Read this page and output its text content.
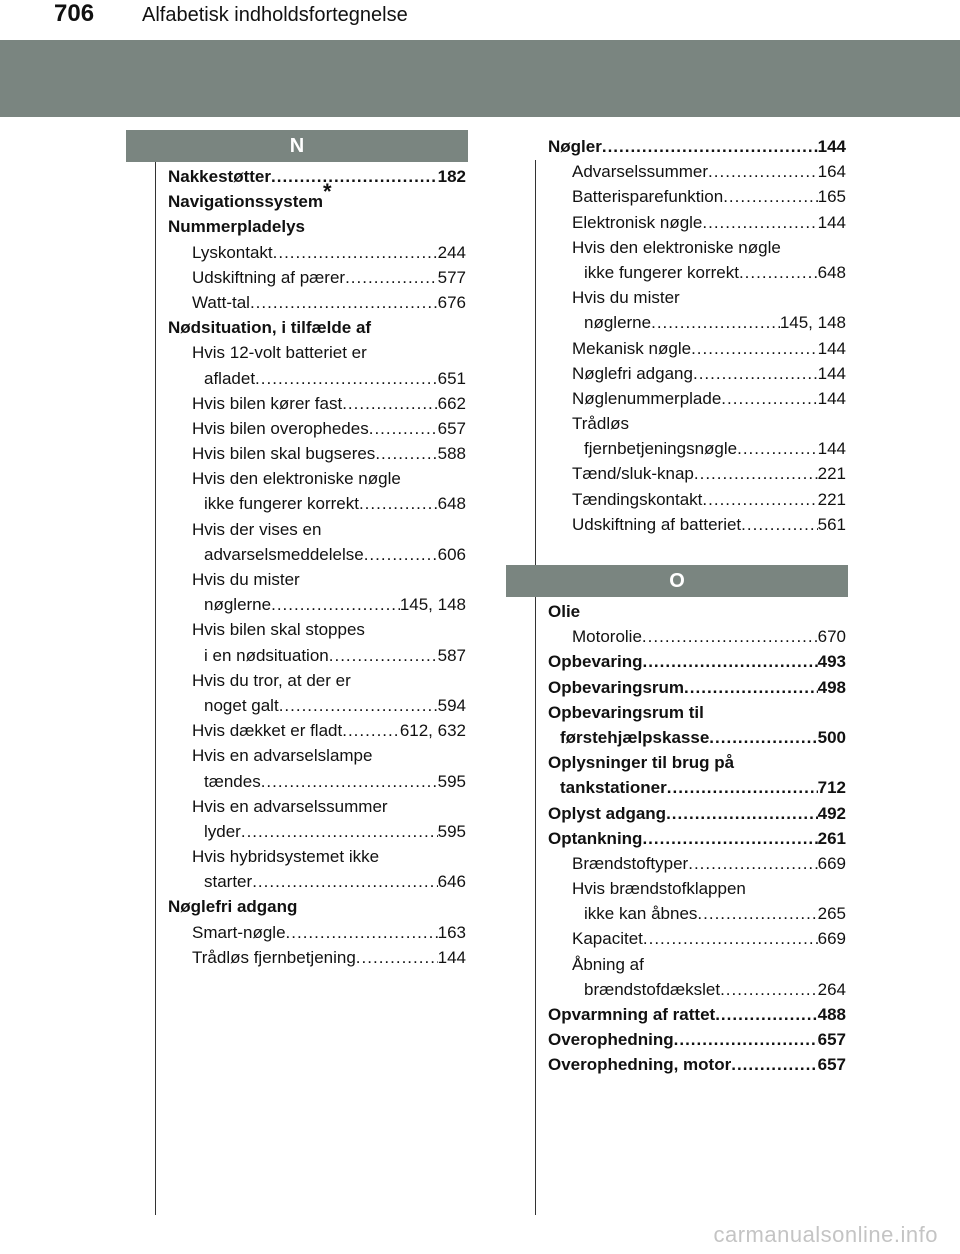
706 Alfabetisk indholdsfortegnelse
N
O
Nakkestøtter .....	182
Navigationssystem*
Nummerpladelys
Lyskontakt .....	244
Udskiftning af pærer .....	577
Watt-tal .....	676
Nødsituation, i tilfælde af
Hvis 12-volt batteriet er
afladet .....	651
Hvis bilen kører fast .....	662
Hvis bilen overophedes .....	657
Hvis bilen skal bugseres .....	588
Hvis den elektroniske nøgle
ikke fungerer korrekt .....	648
Hvis der vises en
advarselsmeddelelse .....	606
Hvis du mister
nøglerne .....	145, 148
Hvis bilen skal stoppes
i en nødsituation .....	587
Hvis du tror, at der er
noget galt .....	594
Hvis dækket er fladt .....	612, 632
Hvis en advarselslampe
tændes .....	595
Hvis en advarselssummer
lyder .....	595
Hvis hybridsystemet ikke
starter .....	646
Nøglefri adgang
Smart-nøgle .....	163
Trådløs fjernbetjening .....	144
Nøgler .....	144
Advarselssummer .....	164
Batterisparefunktion .....	165
Elektronisk nøgle .....	144
Hvis den elektroniske nøgle
ikke fungerer korrekt .....	648
Hvis du mister
nøglerne .....	145, 148
Mekanisk nøgle .....	144
Nøglefri adgang .....	144
Nøglenummerplade .....	144
Trådløs
fjernbetjeningsnøgle .....	144
Tænd/sluk-knap .....	221
Tændingskontakt .....	221
Udskiftning af batteriet .....	561
Olie
Motorolie .....	670
Opbevaring .....	493
Opbevaringsrum .....	498
Opbevaringsrum til
førstehjælpskasse .....	500
Oplysninger til brug på
tankstationer .....	712
Oplyst adgang .....	492
Optankning .....	261
Brændstoftyper .....	669
Hvis brændstofklappen
ikke kan åbnes .....	265
Kapacitet .....	669
Åbning af
brændstofdækslet .....	264
Opvarmning af rattet .....	488
Overophedning .....	657
Overophedning, motor .....	657
carmanualsonline.info
